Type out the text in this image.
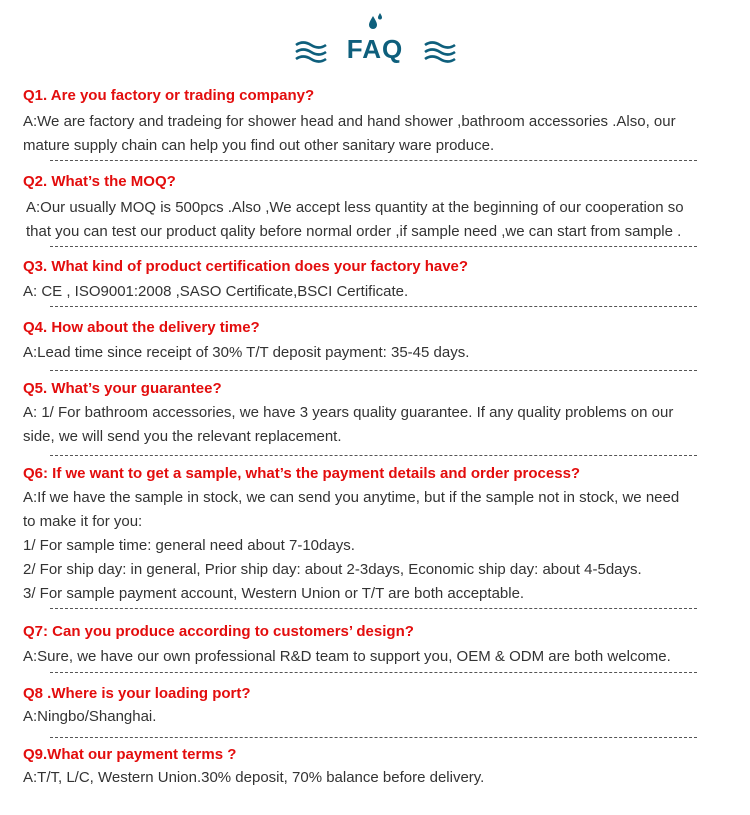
FAQ
Q1. Are you factory or trading company?

A:We are factory and tradeing for shower head and hand shower ,bathroom accessories .Also, our

mature supply chain can help you find out other sanitary ware produce.

Q2. What’s the MOQ?

A:Our usually MOQ is 500pcs .Also ,We accept less quantity at the beginning of our cooperation so

that you can test our product qality before normal order ,if sample need ,we can start from sample .

Q3. What kind of product certification does your factory have?

A: CE , ISO9001:2008 ,SASO Certificate,BSCI Certificate.

Q4. How about the delivery time?

A:Lead time since receipt of 30% T/T deposit payment: 35-45 days.

Q5. What’s your guarantee?

A: 1/ For bathroom accessories, we have 3 years quality guarantee. If any quality problems on our

side, we will send you the relevant replacement.

Q6: If we want to get a sample, what’s the payment details and order process?

A:If we have the sample in stock, we can send you anytime, but if the sample not in stock, we need

to make it for you:

1/ For sample time: general need about 7-10days.

2/ For ship day: in general, Prior ship day: about 2-3days, Economic ship day: about 4-5days.

3/ For sample payment account, Western Union or T/T are both acceptable.

Q7: Can you produce according to customers’ design?

A:Sure, we have our own professional R&D team to support you, OEM & ODM are both welcome.

Q8 .Where is your loading port?

A:Ningbo/Shanghai.

Q9.What our payment terms ?

A:T/T, L/C, Western Union.30% deposit, 70% balance before delivery.
